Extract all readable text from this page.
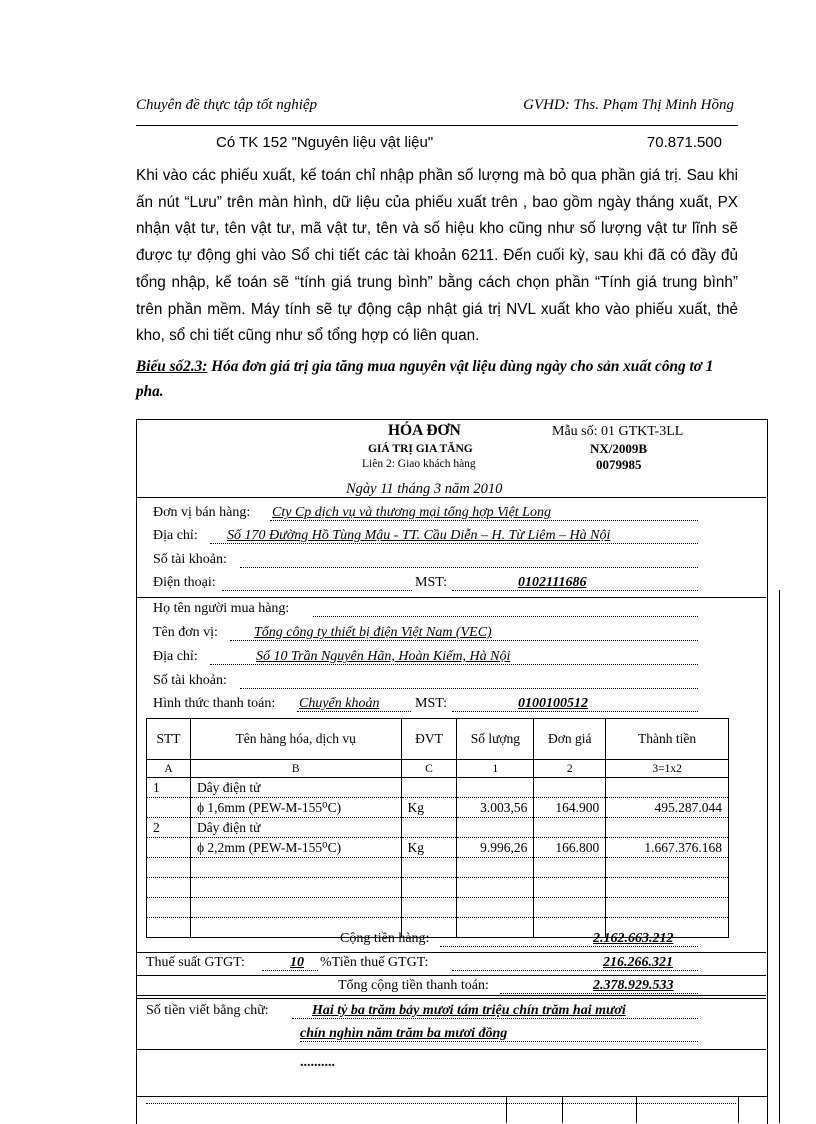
Chuyên đề thực tập tốt nghiệp	GVHD: Ths. Phạm Thị Minh Hồng
Có TK 152 "Nguyên liệu vật liệu"	70.871.500
Khi vào các phiếu xuất, kế toán chỉ nhập phần số lượng mà bỏ qua phần giá trị. Sau khi ấn nút “Lưu” trên màn hình, dữ liệu của phiếu xuất trên , bao gồm ngày tháng xuất, PX nhận vật tư, tên vật tư, mã vật tư, tên và số hiệu kho cũng như số lượng vật tư lĩnh sẽ được tự động ghi vào Sổ chi tiết các tài khoản 6211. Đến cuối kỳ, sau khi đã có đầy đủ tổng nhập, kế toán sẽ “tính giá trung bình” bằng cách chọn phần “Tính giá trung bình” trên phần mềm. Máy tính sẽ tự động cập nhật giá trị NVL xuất kho vào phiếu xuất, thẻ kho, sổ chi tiết cũng như sổ tổng hợp có liên quan.
Biểu số2.3: Hóa đơn giá trị gia tăng mua nguyên vật liệu dùng ngày cho sản xuất công tơ 1 pha.
HÓA ĐƠN
GIÁ TRỊ GIA TĂNG
Liên 2: Giao khách hàng
Mẫu số: 01 GTKT-3LL
NX/2009B
0079985
Ngày 11 tháng 3 năm 2010
Đơn vị bán hàng: Cty Cp dịch vụ và thương mại tổng hợp Việt Long
Địa chỉ: Số 170 Đường Hồ Tùng Mậu - TT. Cầu Diễn – H. Từ Liêm – Hà Nội
Số tài khoản:
Điện thoại:	MST:	0102111686
Họ tên người mua hàng:
Tên đơn vị:	Tổng công ty thiết bị điện Việt Nam (VEC)
Địa chỉ:	Số 10 Trần Nguyên Hãn, Hoàn Kiếm, Hà Nội
Số tài khoản:
Hình thức thanh toán: Chuyển khoản	MST:	0100100512
STT	Tên hàng hóa, dịch vụ	ĐVT	Số lượng	Đơn giá	Thành tiền
A	B	C	1	2	3=1x2
1	Dây điện tử				
	ϕ 1,6mm (PEW-M-155⁰C)	Kg	3.003,56	164.900	495.287.044
2	Dây điện tử				
	ϕ 2,2mm (PEW-M-155⁰C)	Kg	9.996,26	166.800	1.667.376.168

Cộng tiền hàng:	2.162.663.212
Thuế suất GTGT:	10 %Tiền thuế GTGT:	216.266.321
Tổng cộng tiền thanh toán:	2.378.929.533
Số tiền viết bằng chữ:	Hai tỷ ba trăm bảy mươi tám triệu chín trăm hai mươi
chín nghìn năm trăm ba mươi đồng
..........
